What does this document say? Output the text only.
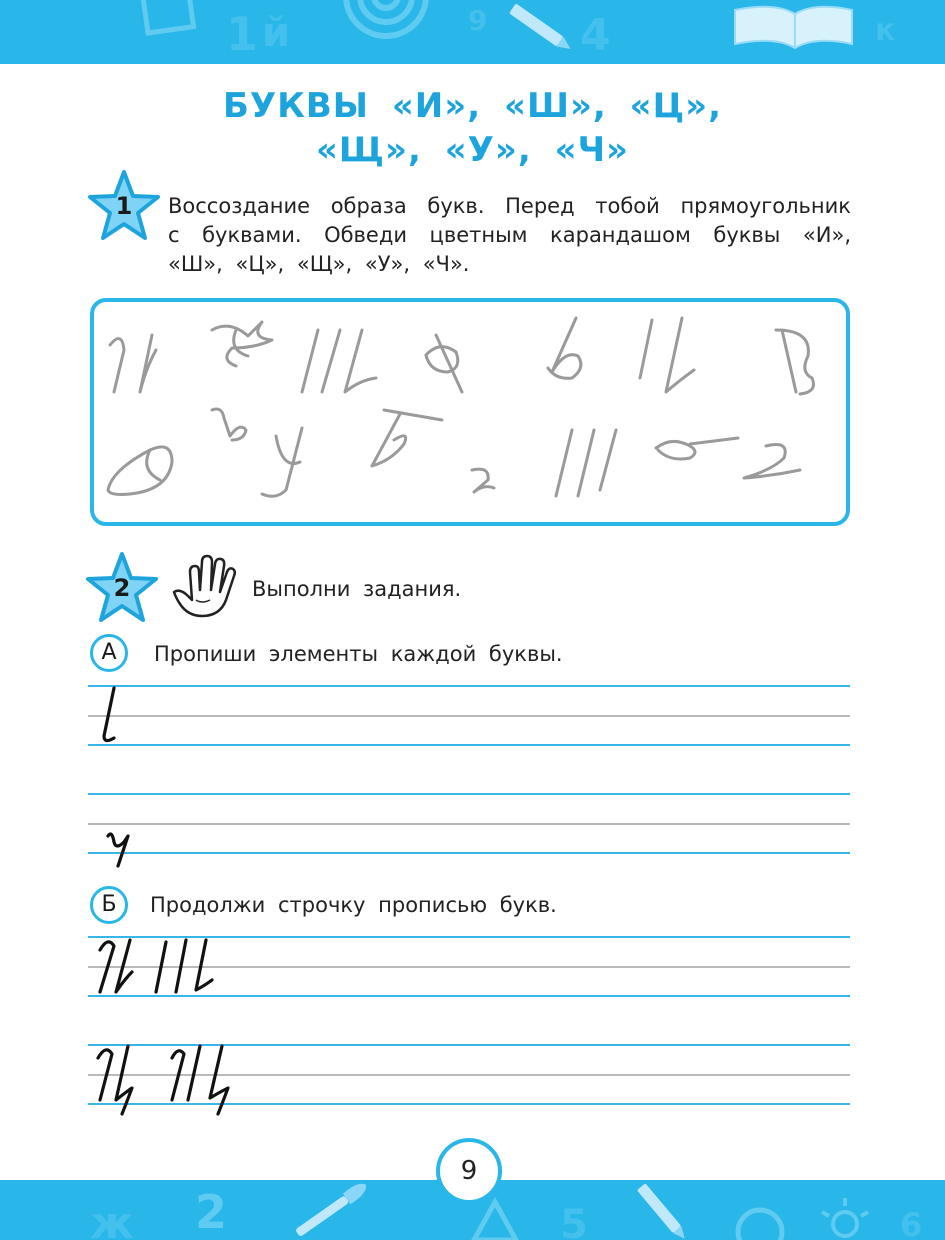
1 й	9 4	к
БУКВЫ «И», «Ш», «Ц»,
«Щ», «У», «Ч»
1	Воссоздание образа букв. Перед тобой прямоугольник
с буквами. Обведи цветным карандашом буквы «И»,
«Ш», «Ц», «Щ», «У», «Ч».
2	Выполни задания.
А	Пропиши элементы каждой буквы.
Б	Продолжи строчку прописью букв.
ж 2	5	6
9
